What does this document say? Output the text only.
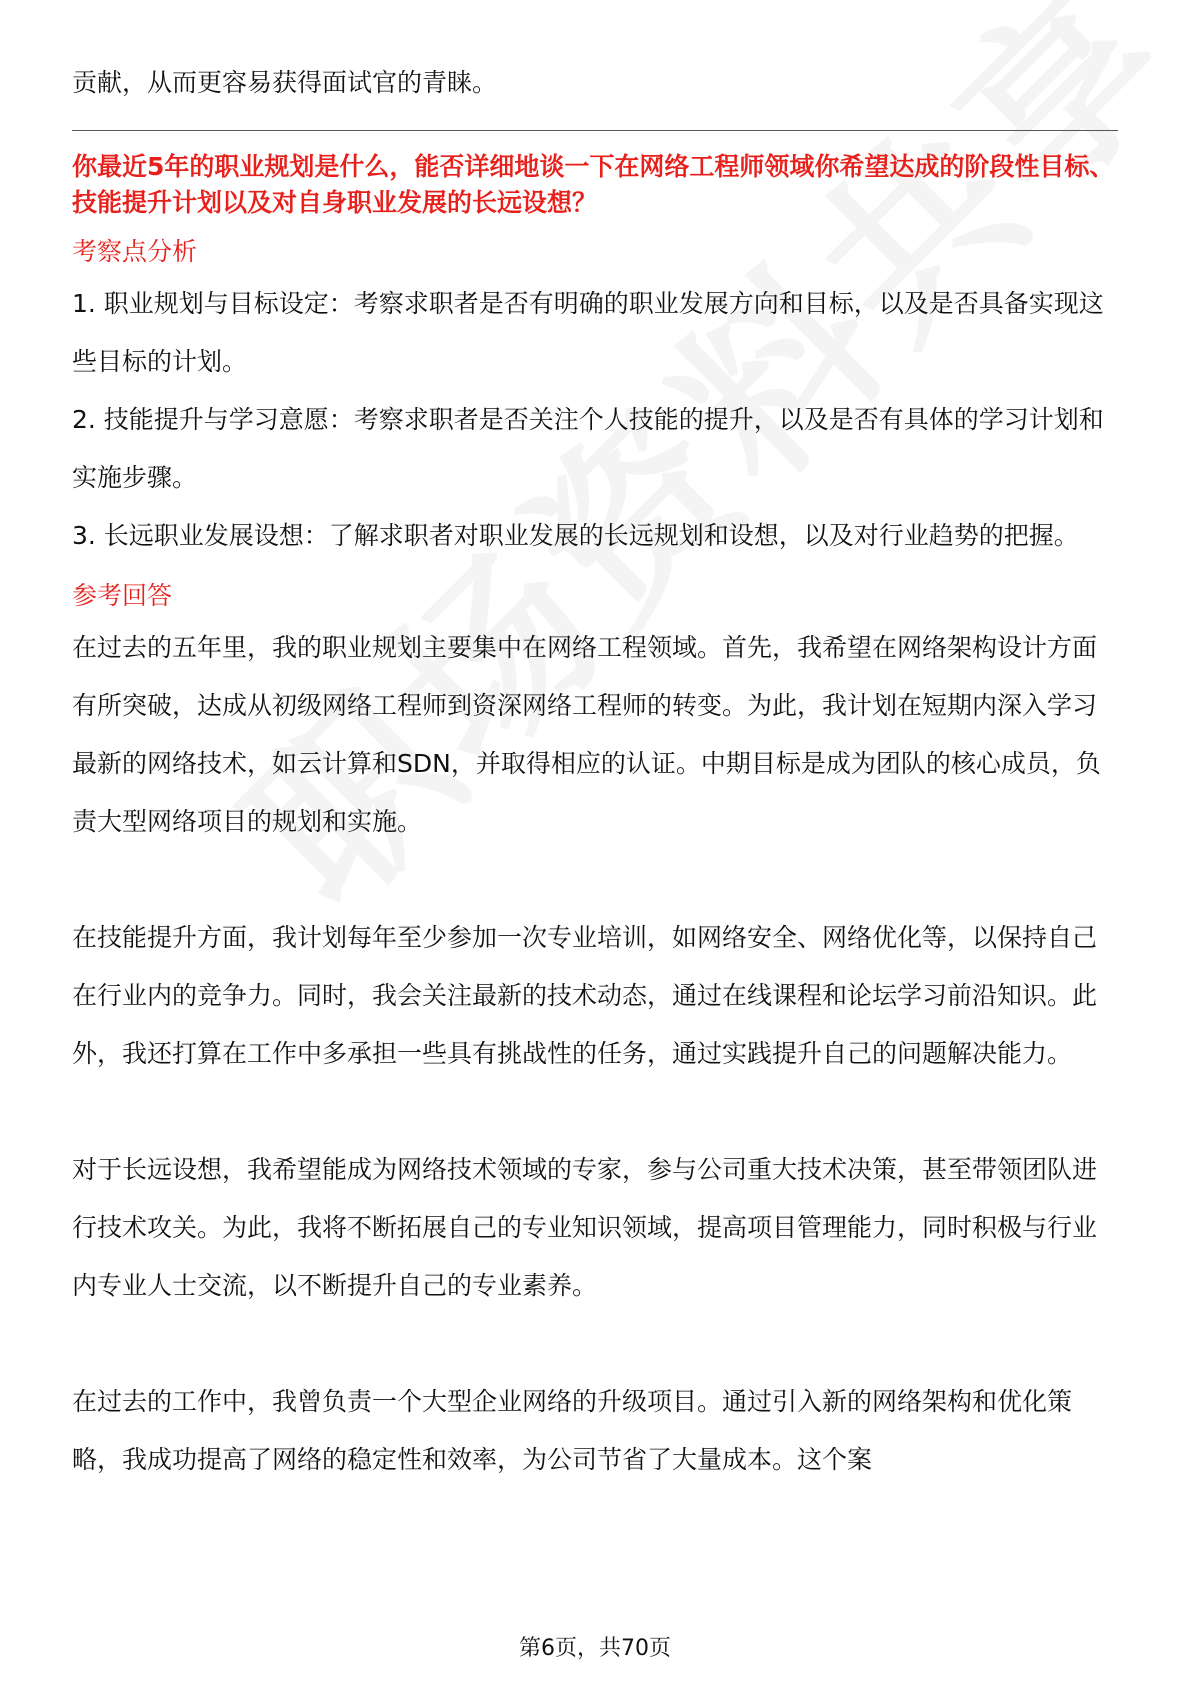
贡献，从而更容易获得面试官的青睐。

你最近5年的职业规划是什么，能否详细地谈一下在网络工程师领域你希望达成的阶段性目标、技能提升计划以及对自身职业发展的长远设想？

考察点分析
1. 职业规划与目标设定：考察求职者是否有明确的职业发展方向和目标，以及是否具备实现这些目标的计划。
2. 技能提升与学习意愿：考察求职者是否关注个人技能的提升，以及是否有具体的学习计划和实施步骤。
3. 长远职业发展设想：了解求职者对职业发展的长远规划和设想，以及对行业趋势的把握。
参考回答

在过去的五年里，我的职业规划主要集中在网络工程领域。首先，我希望在网络架构设计方面有所突破，达成从初级网络工程师到资深网络工程师的转变。为此，我计划在短期内深入学习最新的网络技术，如云计算和SDN，并取得相应的认证。中期目标是成为团队的核心成员，负责大型网络项目的规划和实施。

在技能提升方面，我计划每年至少参加一次专业培训，如网络安全、网络优化等，以保持自己在行业内的竞争力。同时，我会关注最新的技术动态，通过在线课程和论坛学习前沿知识。此外，我还打算在工作中多承担一些具有挑战性的任务，通过实践提升自己的问题解决能力。

对于长远设想，我希望能成为网络技术领域的专家，参与公司重大技术决策，甚至带领团队进行技术攻关。为此，我将不断拓展自己的专业知识领域，提高项目管理能力，同时积极与行业内专业人士交流，以不断提升自己的专业素养。

在过去的工作中，我曾负责一个大型企业网络的升级项目。通过引入新的网络架构和优化策略，我成功提高了网络的稳定性和效率，为公司节省了大量成本。这个案

第6页，共70页
